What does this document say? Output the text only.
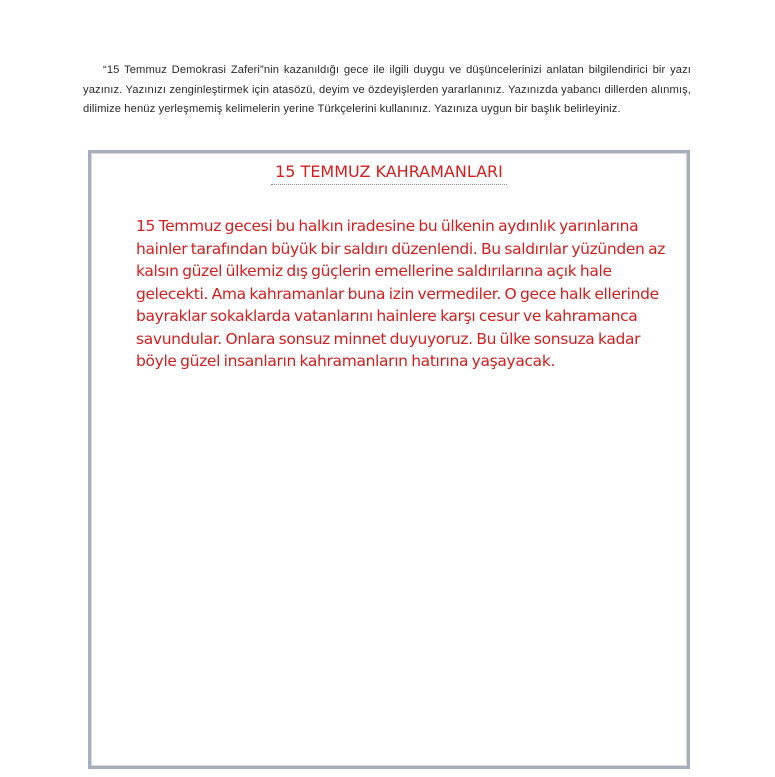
“15 Temmuz Demokrasi Zaferi”nin kazanıldığı gece ile ilgili duygu ve düşüncelerinizi anlatan bilgilendirici bir yazı yazınız. Yazınızı zenginleştirmek için atasözü, deyim ve özdeyişlerden yararlanınız. Yazınızda yabancı dillerden alınmış, dilimize henüz yerleşmemiş kelimelerin yerine Türkçelerini kullanınız. Yazınıza uygun bir başlık belirleyiniz.

15 TEMMUZ KAHRAMANLARI

15 Temmuz gecesi bu halkın iradesine bu ülkenin aydınlık yarınlarına hainler tarafından büyük bir saldırı düzenlendi. Bu saldırılar yüzünden az kalsın güzel ülkemiz dış güçlerin emellerine saldırılarına açık hale gelecekti. Ama kahramanlar buna izin vermediler. O gece halk ellerinde bayraklar sokaklarda vatanlarını hainlere karşı cesur ve kahramanca savundular. Onlara sonsuz minnet duyuyoruz. Bu ülke sonsuza kadar böyle güzel insanların kahramanların hatırına yaşayacak.
